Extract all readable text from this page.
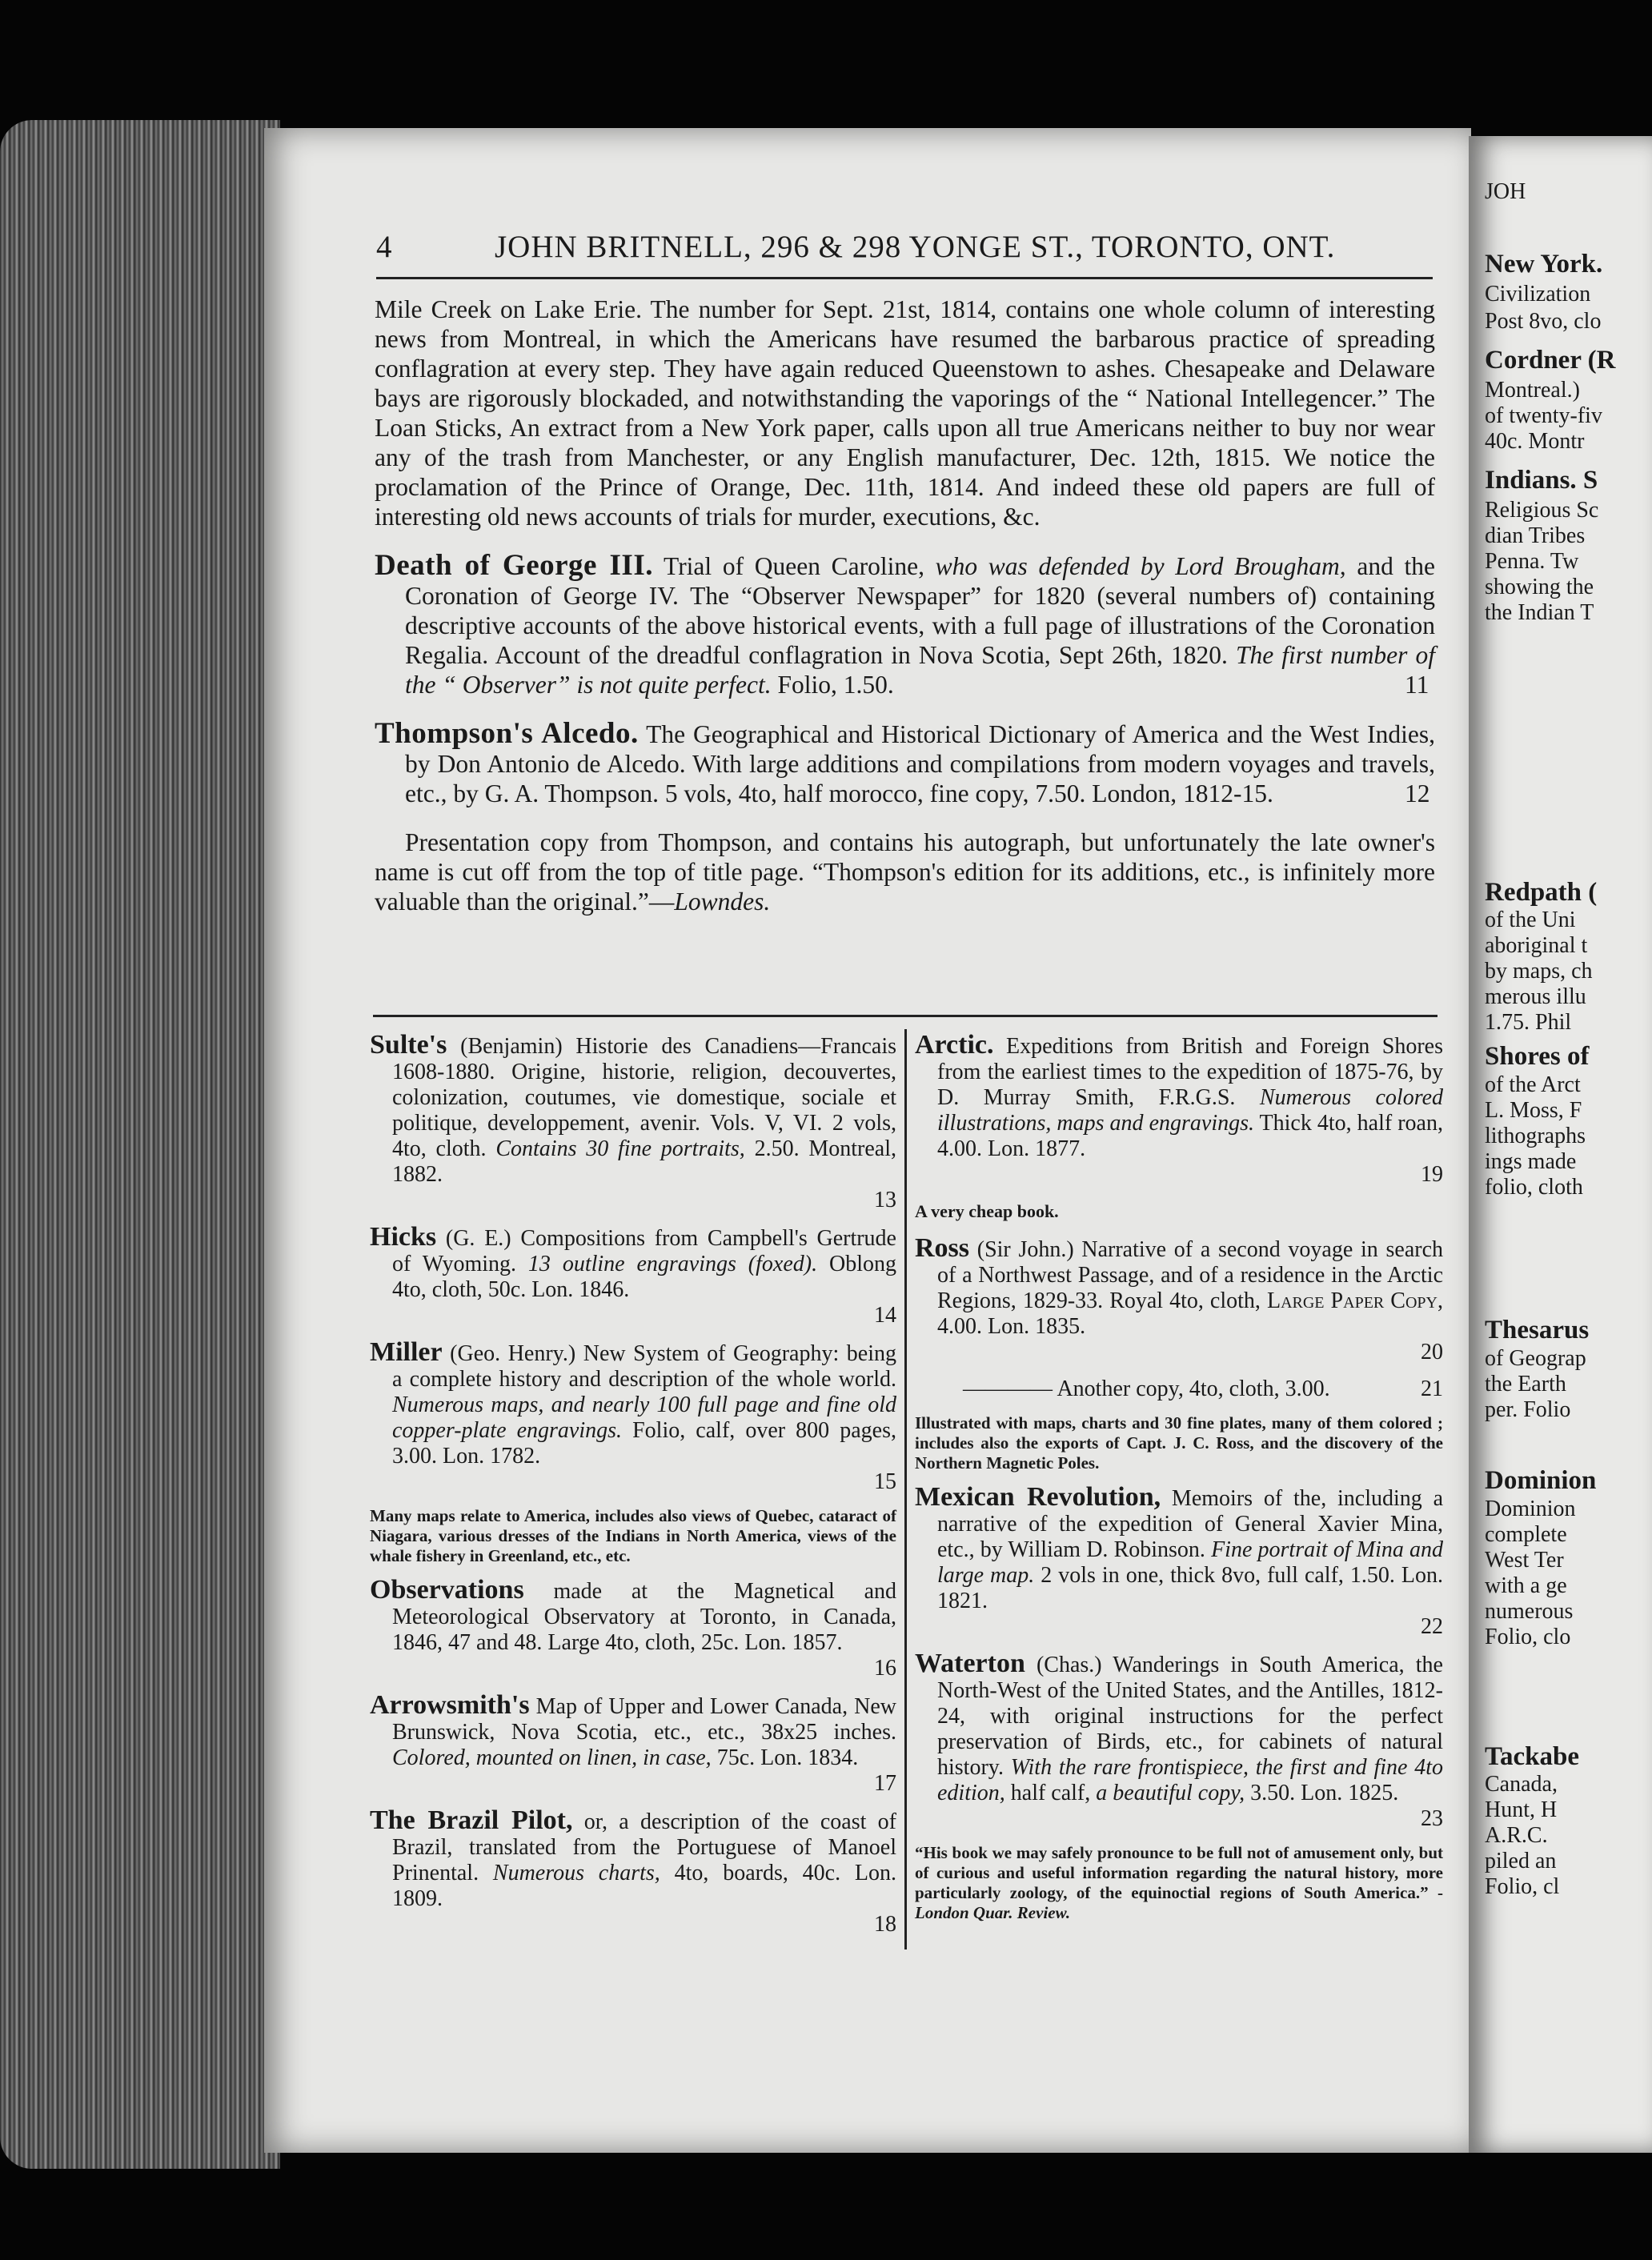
JOH
New York.
Civilization
Post 8vo, clo
Cordner (R
Montreal.)
of twenty-fiv
40c. Montr
Indians. S
Religious Sc
dian Tribes
Penna. Tw
showing the
the Indian T
Redpath (
of the Uni
aboriginal t
by maps, ch
merous illu
1.75. Phil
Shores of
of the Arct
L. Moss, F
lithographs
ings made
folio, cloth
Thesarus
of Geograp
the Earth
per. Folio
Dominion
Dominion
complete
West Ter
with a ge
numerous
Folio, clo
Tackabe
Canada,
Hunt, H
A.R.C.
piled an
Folio, cl
4	JOHN BRITNELL, 296 & 298 YONGE ST., TORONTO, ONT.

Mile Creek on Lake Erie. The number for Sept. 21st, 1814, contains one whole column of interesting news from Montreal, in which the Americans have resumed the barbarous practice of spreading conflagration at every step. They have again reduced Queenstown to ashes. Chesapeake and Delaware bays are rigorously blockaded, and notwithstanding the vaporings of the “ National Intellegencer.” The Loan Sticks, An extract from a New York paper, calls upon all true Americans neither to buy nor wear any of the trash from Manchester, or any English manufacturer, Dec. 12th, 1815. We notice the proclamation of the Prince of Orange, Dec. 11th, 1814. And indeed these old papers are full of interesting old news accounts of trials for murder, executions, &c.

Death of George III. Trial of Queen Caroline, who was defended by Lord Brougham, and the Coronation of George IV. The “Observer Newspaper” for 1820 (several numbers of) containing descriptive accounts of the above historical events, with a full page of illustrations of the Coronation Regalia. Account of the dreadful conflagration in Nova Scotia, Sept 26th, 1820. The first number of the “ Observer” is not quite perfect. Folio, 1.50.	11

Thompson's Alcedo. The Geographical and Historical Dictionary of America and the West Indies, by Don Antonio de Alcedo. With large additions and compilations from modern voyages and travels, etc., by G. A. Thompson. 5 vols, 4to, half morocco, fine copy, 7.50. London, 1812-15.	12

Presentation copy from Thompson, and contains his autograph, but unfortunately the late owner's name is cut off from the top of title page. “Thompson's edition for its additions, etc., is infinitely more valuable than the original.”—Lowndes.

Sulte's (Benjamin) Historie des Canadiens—Francais 1608-1880. Origine, historie, religion, decouvertes, colonization, coutumes, vie domestique, sociale et politique, developpement, avenir. Vols. V, VI. 2 vols, 4to, cloth. Contains 30 fine portraits, 2.50. Montreal, 1882.
13

Hicks (G. E.) Compositions from Campbell's Gertrude of Wyoming. 13 outline engravings (foxed). Oblong 4to, cloth, 50c. Lon. 1846.
14

Miller (Geo. Henry.) New System of Geography: being a complete history and description of the whole world. Numerous maps, and nearly 100 full page and fine old copper-plate engravings. Folio, calf, over 800 pages, 3.00. Lon. 1782.
15

Many maps relate to America, includes also views of Quebec, cataract of Niagara, various dresses of the Indians in North America, views of the whale fishery in Greenland, etc., etc.

Observations made at the Magnetical and Meteorological Observatory at Toronto, in Canada, 1846, 47 and 48. Large 4to, cloth, 25c. Lon. 1857.
16

Arrowsmith's Map of Upper and Lower Canada, New Brunswick, Nova Scotia, etc., etc., 38x25 inches. Colored, mounted on linen, in case, 75c. Lon. 1834.
17

The Brazil Pilot, or, a description of the coast of Brazil, translated from the Portuguese of Manoel Prinental. Numerous charts, 4to, boards, 40c. Lon. 1809.
18

Arctic. Expeditions from British and Foreign Shores from the earliest times to the expedition of 1875-76, by D. Murray Smith, F.R.G.S. Numerous colored illustrations, maps and engravings. Thick 4to, half roan, 4.00. Lon. 1877.
19

A very cheap book.

Ross (Sir John.) Narrative of a second voyage in search of a Northwest Passage, and of a residence in the Arctic Regions, 1829-33. Royal 4to, cloth, Large Paper Copy, 4.00. Lon. 1835.
20

———— Another copy, 4to, cloth, 3.00.	21

Illustrated with maps, charts and 30 fine plates, many of them colored ; includes also the exports of Capt. J. C. Ross, and the discovery of the Northern Magnetic Poles.

Mexican Revolution, Memoirs of the, including a narrative of the expedition of General Xavier Mina, etc., by William D. Robinson. Fine portrait of Mina and large map. 2 vols in one, thick 8vo, full calf, 1.50. Lon. 1821.
22

Waterton (Chas.) Wanderings in South America, the North-West of the United States, and the Antilles, 1812-24, with original instructions for the perfect preservation of Birds, etc., for cabinets of natural history. With the rare frontispiece, the first and fine 4to edition, half calf, a beautiful copy, 3.50. Lon. 1825.
23

“His book we may safely pronounce to be full not of amusement only, but of curious and useful information regarding the natural history, more particularly zoology, of the equinoctial regions of South America.” - London Quar. Review.
